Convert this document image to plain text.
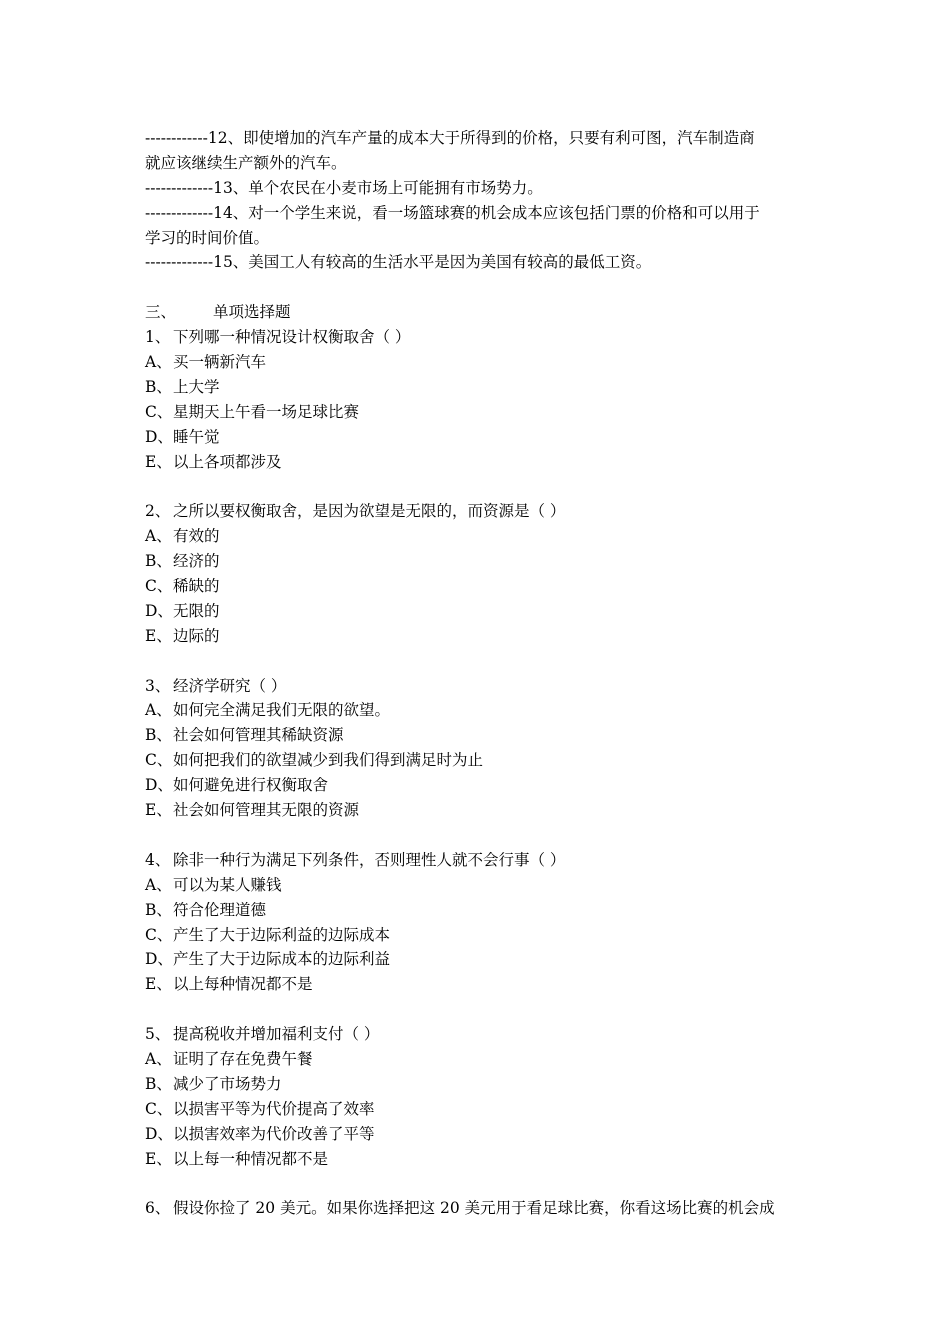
------------12、即使增加的汽车产量的成本大于所得到的价格，只要有利可图，汽车制造商
就应该继续生产额外的汽车。
-------------13、单个农民在小麦市场上可能拥有市场势力。
-------------14、对一个学生来说，看一场篮球赛的机会成本应该包括门票的价格和可以用于
学习的时间价值。
-------------15、美国工人有较高的生活水平是因为美国有较高的最低工资。
三、 单项选择题
1、 下列哪一种情况设计权衡取舍（ ）
A、买一辆新汽车
B、上大学
C、星期天上午看一场足球比赛
D、睡午觉
E、以上各项都涉及
2、 之所以要权衡取舍，是因为欲望是无限的，而资源是（ ）
A、有效的
B、经济的
C、稀缺的
D、无限的
E、边际的
3、 经济学研究（ ）
A、如何完全满足我们无限的欲望。
B、社会如何管理其稀缺资源
C、如何把我们的欲望减少到我们得到满足时为止
D、如何避免进行权衡取舍
E、社会如何管理其无限的资源
4、 除非一种行为满足下列条件，否则理性人就不会行事（ ）
A、可以为某人赚钱
B、符合伦理道德
C、产生了大于边际利益的边际成本
D、产生了大于边际成本的边际利益
E、以上每种情况都不是
5、 提高税收并增加福利支付（ ）
A、证明了存在免费午餐
B、减少了市场势力
C、以损害平等为代价提高了效率
D、以损害效率为代价改善了平等
E、以上每一种情况都不是
6、 假设你捡了 20 美元。如果你选择把这 20 美元用于看足球比赛，你看这场比赛的机会成
